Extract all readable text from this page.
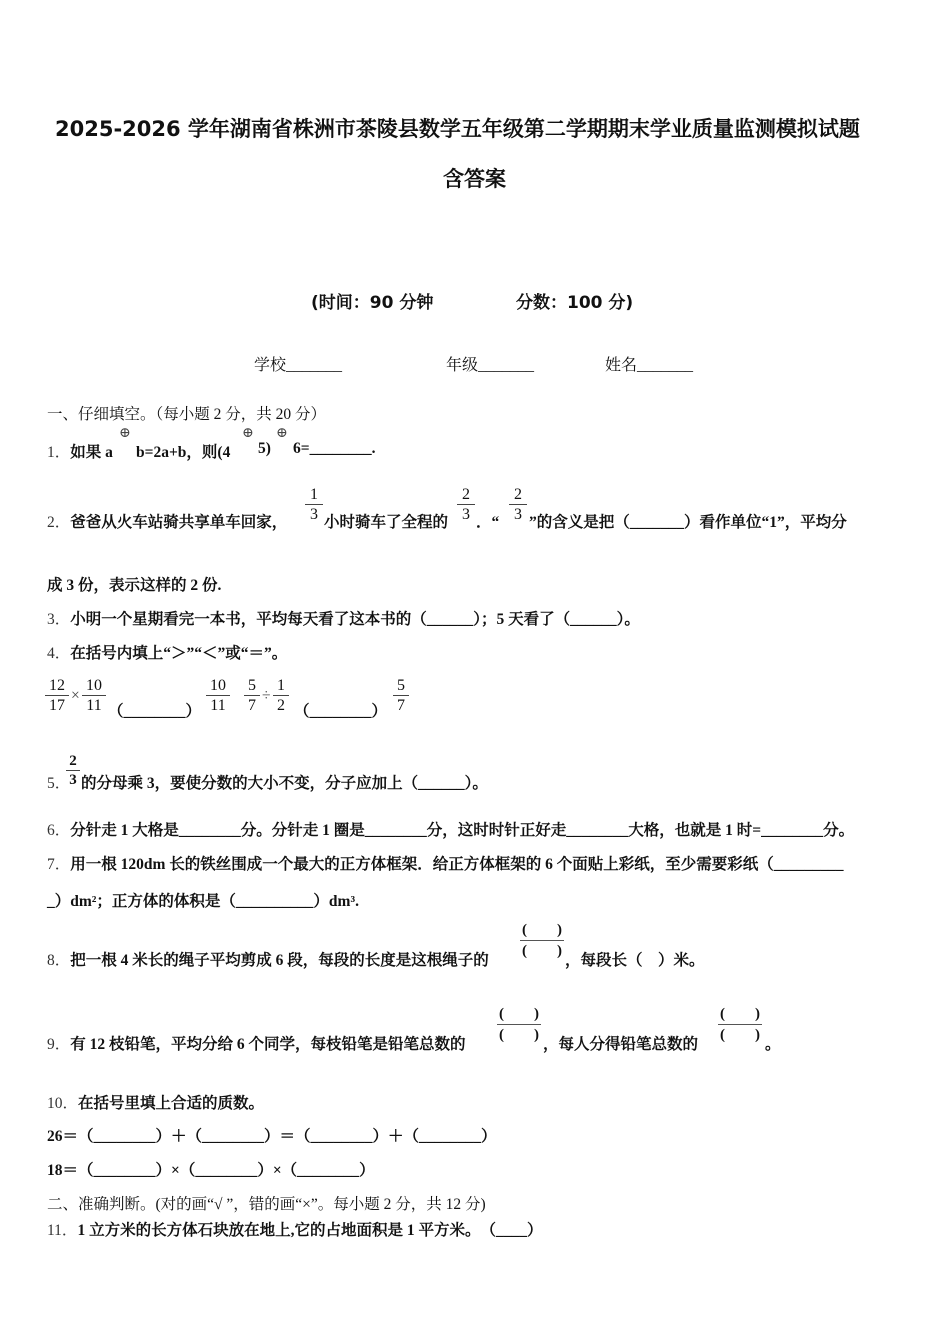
2025-2026 学年湖南省株洲市茶陵县数学五年级第二学期期末学业质量监测模拟试题
含答案
(时间：90 分钟	分数：100 分)
学校_______	年级_______	姓名_______
一、仔细填空。（每小题 2 分，共 20 分）
1．如果 a
⊕
b=2a+b，则(4
⊕
5)
⊕
6=________.
2．爸爸从火车站骑共享单车回家， $\frac{1}{3}$ 小时骑车了全程的 $\frac{2}{3}$ ．“ $\frac{2}{3}$ ”的含义是把（_______）看作单位“1”，平均分
成 3 份，表示这样的 2 份.
3．小明一个星期看完一本书，平均每天看了这本书的（______）；5 天看了（______）。
4．在括号内填上“＞”“＜”或“＝”。
$\frac{12}{17} \times \frac{10}{11}$ （________） $\frac{10}{11} \frac{5}{7} \div \frac{1}{2}$ （________） $\frac{5}{7}$
5．
$\frac{2}{3}$ 的分母乘 3，要使分数的大小不变，分子应加上（______）。
6．分针走 1 大格是________分。分针走 1 圈是________分，这时时针正好走________大格，也就是 1 时=________分。
7．用一根 120dm 长的铁丝围成一个最大的正方体框架．给正方体框架的 6 个面贴上彩纸，至少需要彩纸（_________
_）dm²；正方体的体积是（__________）dm³.
8．把一根 4 米长的绳子平均剪成 6 段，每段的长度是这根绳子的
(　　)
(　　)
，每段长（　）米。
9．有 12 枝铅笔，平均分给 6 个同学，每枝铅笔是铅笔总数的
(　　)
(　　)
，每人分得铅笔总数的
(　　)
(　　)
。
10．在括号里填上合适的质数。
26＝（________）＋（________）＝（________）＋（________）
18＝（________）×（________）×（________）
二、准确判断。(对的画“√ ”，错的画“×”。每小题 2 分，共 12 分)
11．1 立方米的长方体石块放在地上,它的占地面积是 1 平方米。　（____）
